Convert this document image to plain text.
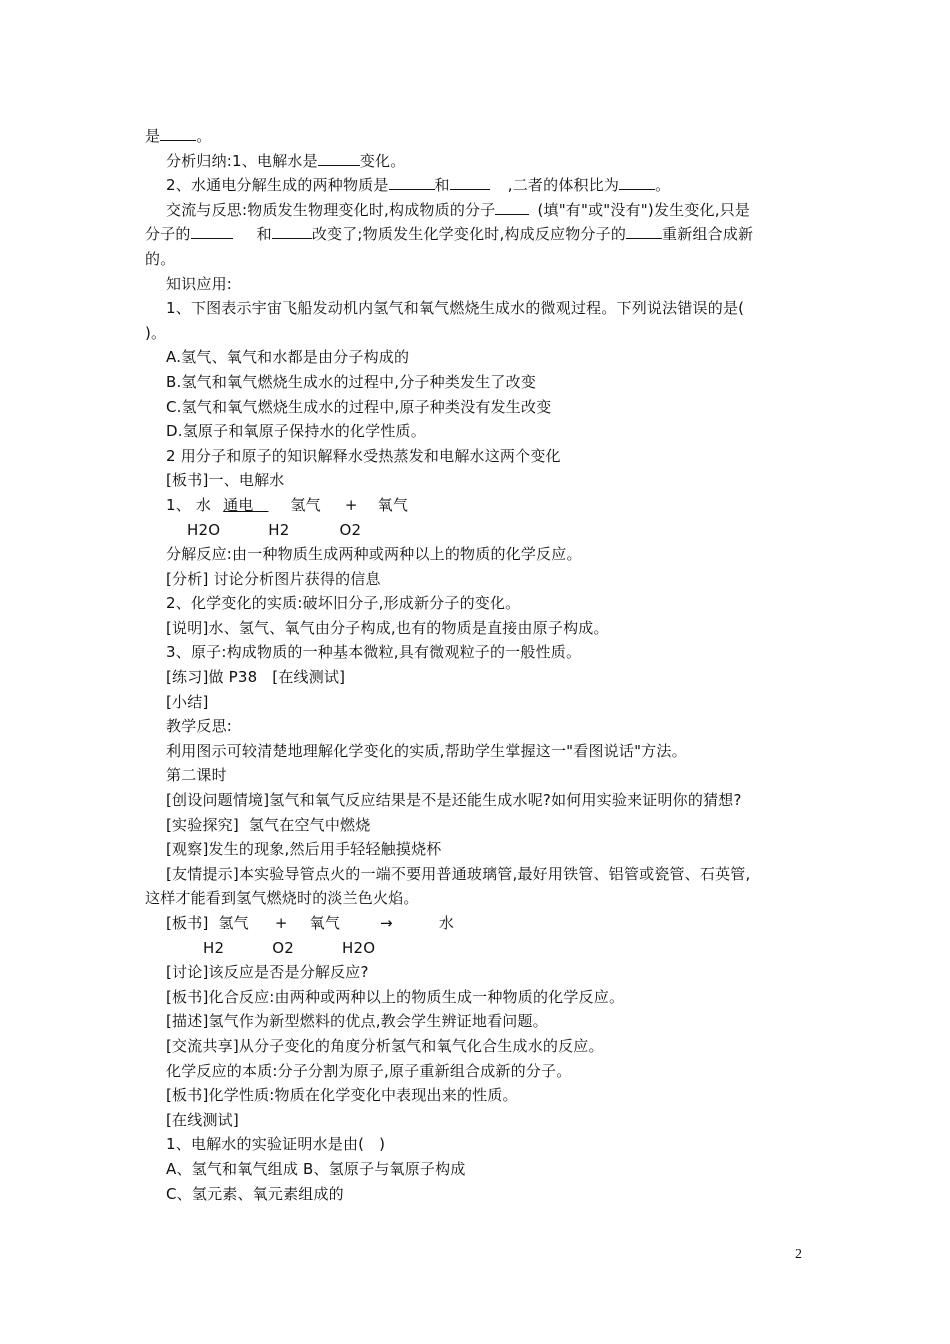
是 。
分析归纳:1、电解水是	变化。
2、水通电分解生成的两种物质是	和	,二者的体积比为 。
交流与反思:物质发生物理变化时,构成物质的分子	(填"有"或"没有")发生变化,只是
分子的	和	改变了;物质发生化学变化时,构成反应物分子的 重新组合成新
的。
知识应用:
1、下图表示宇宙飞船发动机内氢气和氧气燃烧生成水的微观过程。下列说法错误的是(
)。
A.氢气、氧气和水都是由分子构成的
B.氢气和氧气燃烧生成水的过程中,分子种类发生了改变
C.氢气和氧气燃烧生成水的过程中,原子种类没有发生改变
D.氢原子和氧原子保持水的化学性质。
2 用分子和原子的知识解释水受热蒸发和电解水这两个变化
[板书]一、电解水
1、 水 通电 氢气 + 氧气
H2O	H2	O2
分解反应:由一种物质生成两种或两种以上的物质的化学反应。
[分析] 讨论分析图片获得的信息
2、化学变化的实质:破坏旧分子,形成新分子的变化。
[说明]水、氢气、氧气由分子构成,也有的物质是直接由原子构成。
3、原子:构成物质的一种基本微粒,具有微观粒子的一般性质。
[练习]做 P38   [在线测试]
[小结]
教学反思:
利用图示可较清楚地理解化学变化的实质,帮助学生掌握这一"看图说话"方法。
第二课时
[创设问题情境]氢气和氧气反应结果是不是还能生成水呢?如何用实验来证明你的猜想?
[实验探究]  氢气在空气中燃烧
[观察]发生的现象,然后用手轻轻触摸烧杯
[友情提示]本实验导管点火的一端不要用普通玻璃管,最好用铁管、铝管或瓷管、石英管,
这样才能看到氢气燃烧时的淡兰色火焰。
[板书]  氢气 + 氧气	→	水
H2	O2	H2O
[讨论]该反应是否是分解反应?
[板书]化合反应:由两种或两种以上的物质生成一种物质的化学反应。
[描述]氢气作为新型燃料的优点,教会学生辨证地看问题。
[交流共享]从分子变化的角度分析氢气和氧气化合生成水的反应。
化学反应的本质:分子分割为原子,原子重新组合成新的分子。
[板书]化学性质:物质在化学变化中表现出来的性质。
[在线测试]
1、电解水的实验证明水是由(   )
A、氢气和氧气组成 B、氢原子与氧原子构成
C、氢元素、氧元素组成的
2
